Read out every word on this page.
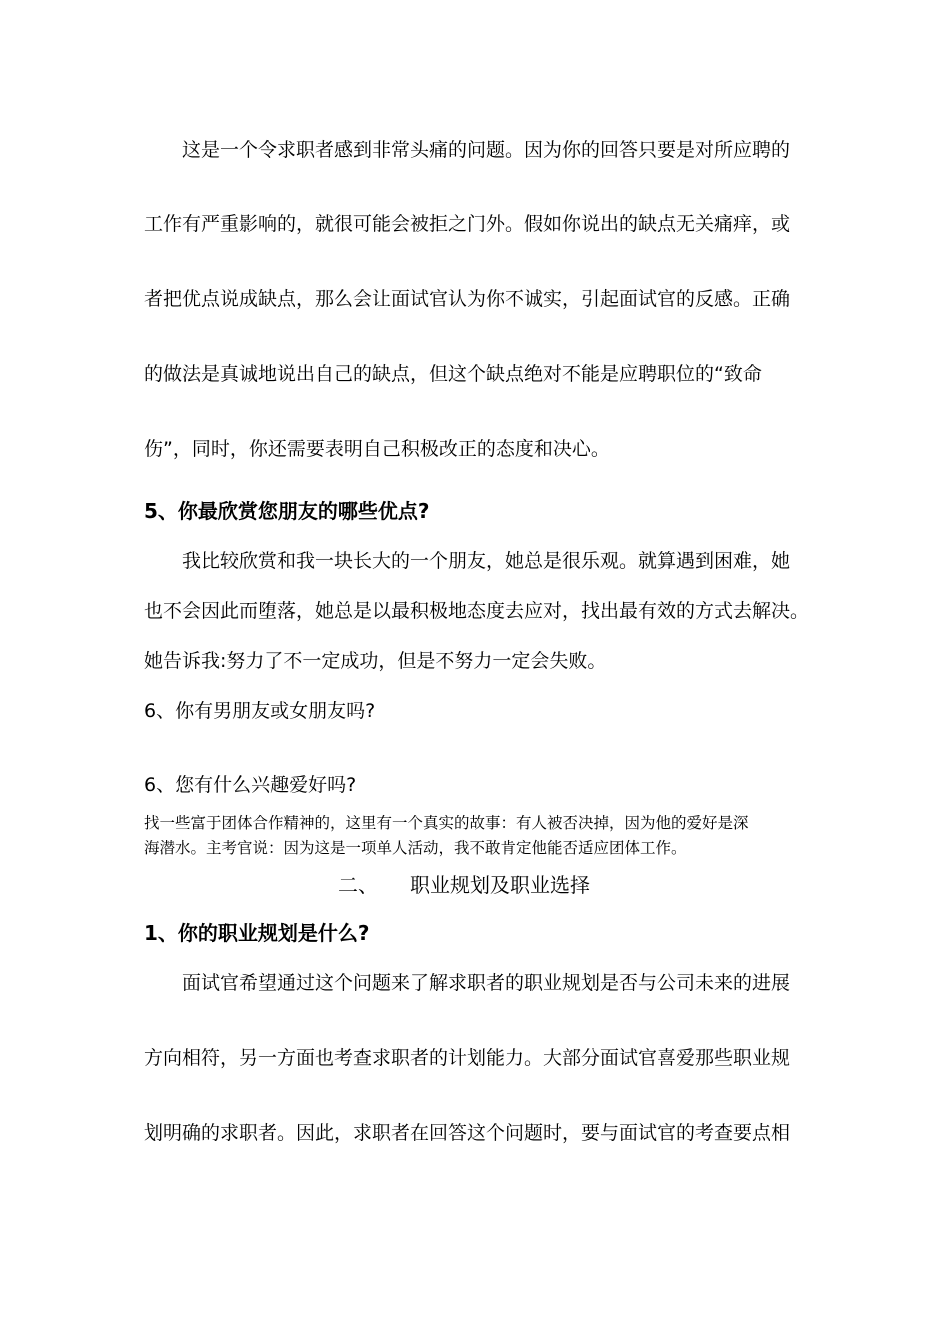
这是一个令求职者感到非常头痛的问题。因为你的回答只要是对所应聘的
工作有严重影响的，就很可能会被拒之门外。假如你说出的缺点无关痛痒，或
者把优点说成缺点，那么会让面试官认为你不诚实，引起面试官的反感。正确
的做法是真诚地说出自己的缺点，但这个缺点绝对不能是应聘职位的“致命
伤”，同时，你还需要表明自己积极改正的态度和决心。
5、你最欣赏您朋友的哪些优点?
我比较欣赏和我一块长大的一个朋友，她总是很乐观。就算遇到困难，她
也不会因此而堕落，她总是以最积极地态度去应对，找出最有效的方式去解决。
她告诉我:努力了不一定成功，但是不努力一定会失败。
6、你有男朋友或女朋友吗?
6、您有什么兴趣爱好吗?
找一些富于团体合作精神的，这里有一个真实的故事：有人被否决掉，因为他的爱好是深
海潜水。主考官说：因为这是一项单人活动，我不敢肯定他能否适应团体工作。
二、 职业规划及职业选择
1、你的职业规划是什么?
面试官希望通过这个问题来了解求职者的职业规划是否与公司未来的进展
方向相符，另一方面也考查求职者的计划能力。大部分面试官喜爱那些职业规
划明确的求职者。因此，求职者在回答这个问题时，要与面试官的考查要点相
